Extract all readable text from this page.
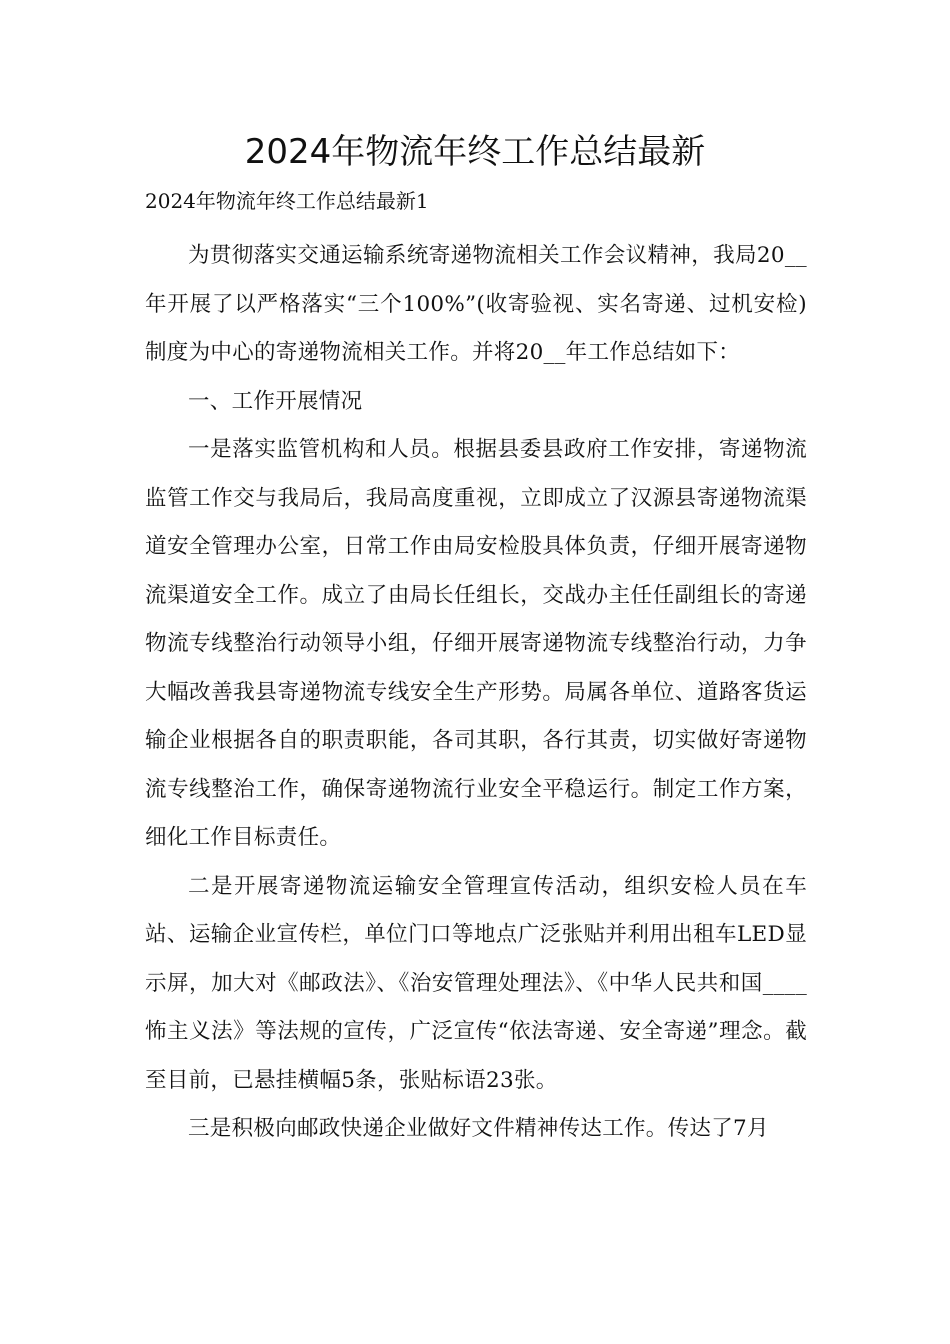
2024年物流年终工作总结最新
2024年物流年终工作总结最新1

为贯彻落实交通运输系统寄递物流相关工作会议精神，我局20__年开展了以严格落实“三个100%”(收寄验视、实名寄递、过机安检)制度为中心的寄递物流相关工作。并将20__年工作总结如下：

一、工作开展情况

一是落实监管机构和人员。根据县委县政府工作安排，寄递物流监管工作交与我局后，我局高度重视，立即成立了汉源县寄递物流渠道安全管理办公室，日常工作由局安检股具体负责，仔细开展寄递物流渠道安全工作。成立了由局长任组长，交战办主任任副组长的寄递物流专线整治行动领导小组，仔细开展寄递物流专线整治行动，力争大幅改善我县寄递物流专线安全生产形势。局属各单位、道路客货运输企业根据各自的职责职能，各司其职，各行其责，切实做好寄递物流专线整治工作，确保寄递物流行业安全平稳运行。制定工作方案，细化工作目标责任。

二是开展寄递物流运输安全管理宣传活动，组织安检人员在车站、运输企业宣传栏，单位门口等地点广泛张贴并利用出租车LED显示屏，加大对《邮政法》、《治安管理处理法》、《中华人民共和国____怖主义法》等法规的宣传，广泛宣传“依法寄递、安全寄递”理念。截至目前，已悬挂横幅5条，张贴标语23张。

三是积极向邮政快递企业做好文件精神传达工作。传达了7月
